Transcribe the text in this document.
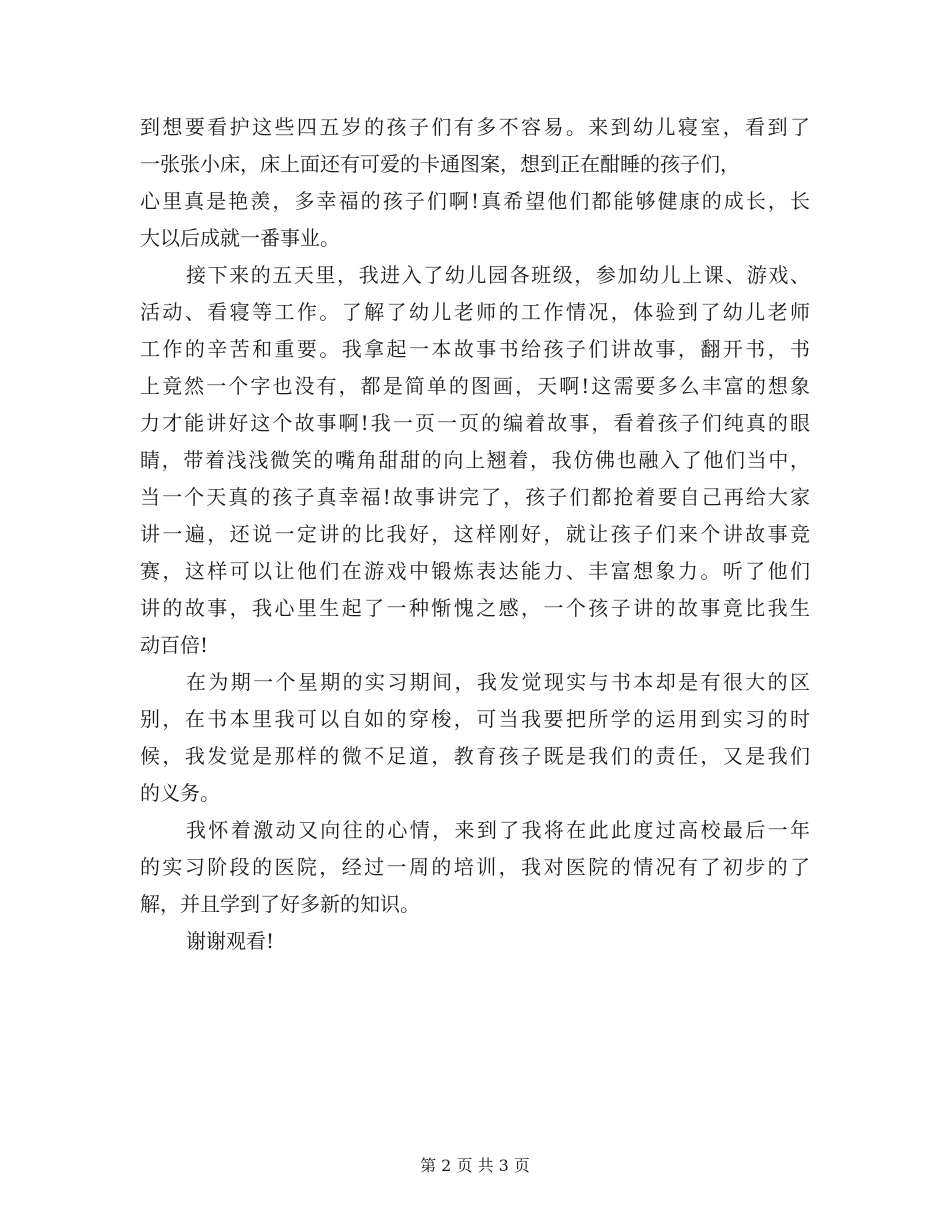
到想要看护这些四五岁的孩子们有多不容易。来到幼儿寝室，看到了
一张张小床，床上面还有可爱的卡通图案，想到正在酣睡的孩子们，
心里真是艳羡，多幸福的孩子们啊!真希望他们都能够健康的成长，长
大以后成就一番事业。
接下来的五天里，我进入了幼儿园各班级，参加幼儿上课、游戏、
活动、看寝等工作。了解了幼儿老师的工作情况，体验到了幼儿老师
工作的辛苦和重要。我拿起一本故事书给孩子们讲故事，翻开书，书
上竟然一个字也没有，都是简单的图画，天啊!这需要多么丰富的想象
力才能讲好这个故事啊!我一页一页的编着故事，看着孩子们纯真的眼
睛，带着浅浅微笑的嘴角甜甜的向上翘着，我仿佛也融入了他们当中，
当一个天真的孩子真幸福!故事讲完了，孩子们都抢着要自己再给大家
讲一遍，还说一定讲的比我好，这样刚好，就让孩子们来个讲故事竞
赛，这样可以让他们在游戏中锻炼表达能力、丰富想象力。听了他们
讲的故事，我心里生起了一种惭愧之感，一个孩子讲的故事竟比我生
动百倍!
在为期一个星期的实习期间，我发觉现实与书本却是有很大的区
别，在书本里我可以自如的穿梭，可当我要把所学的运用到实习的时
候，我发觉是那样的微不足道，教育孩子既是我们的责任，又是我们
的义务。
我怀着激动又向往的心情，来到了我将在此此度过高校最后一年
的实习阶段的医院，经过一周的培训，我对医院的情况有了初步的了
解，并且学到了好多新的知识。
谢谢观看!
第 2 页 共 3 页
